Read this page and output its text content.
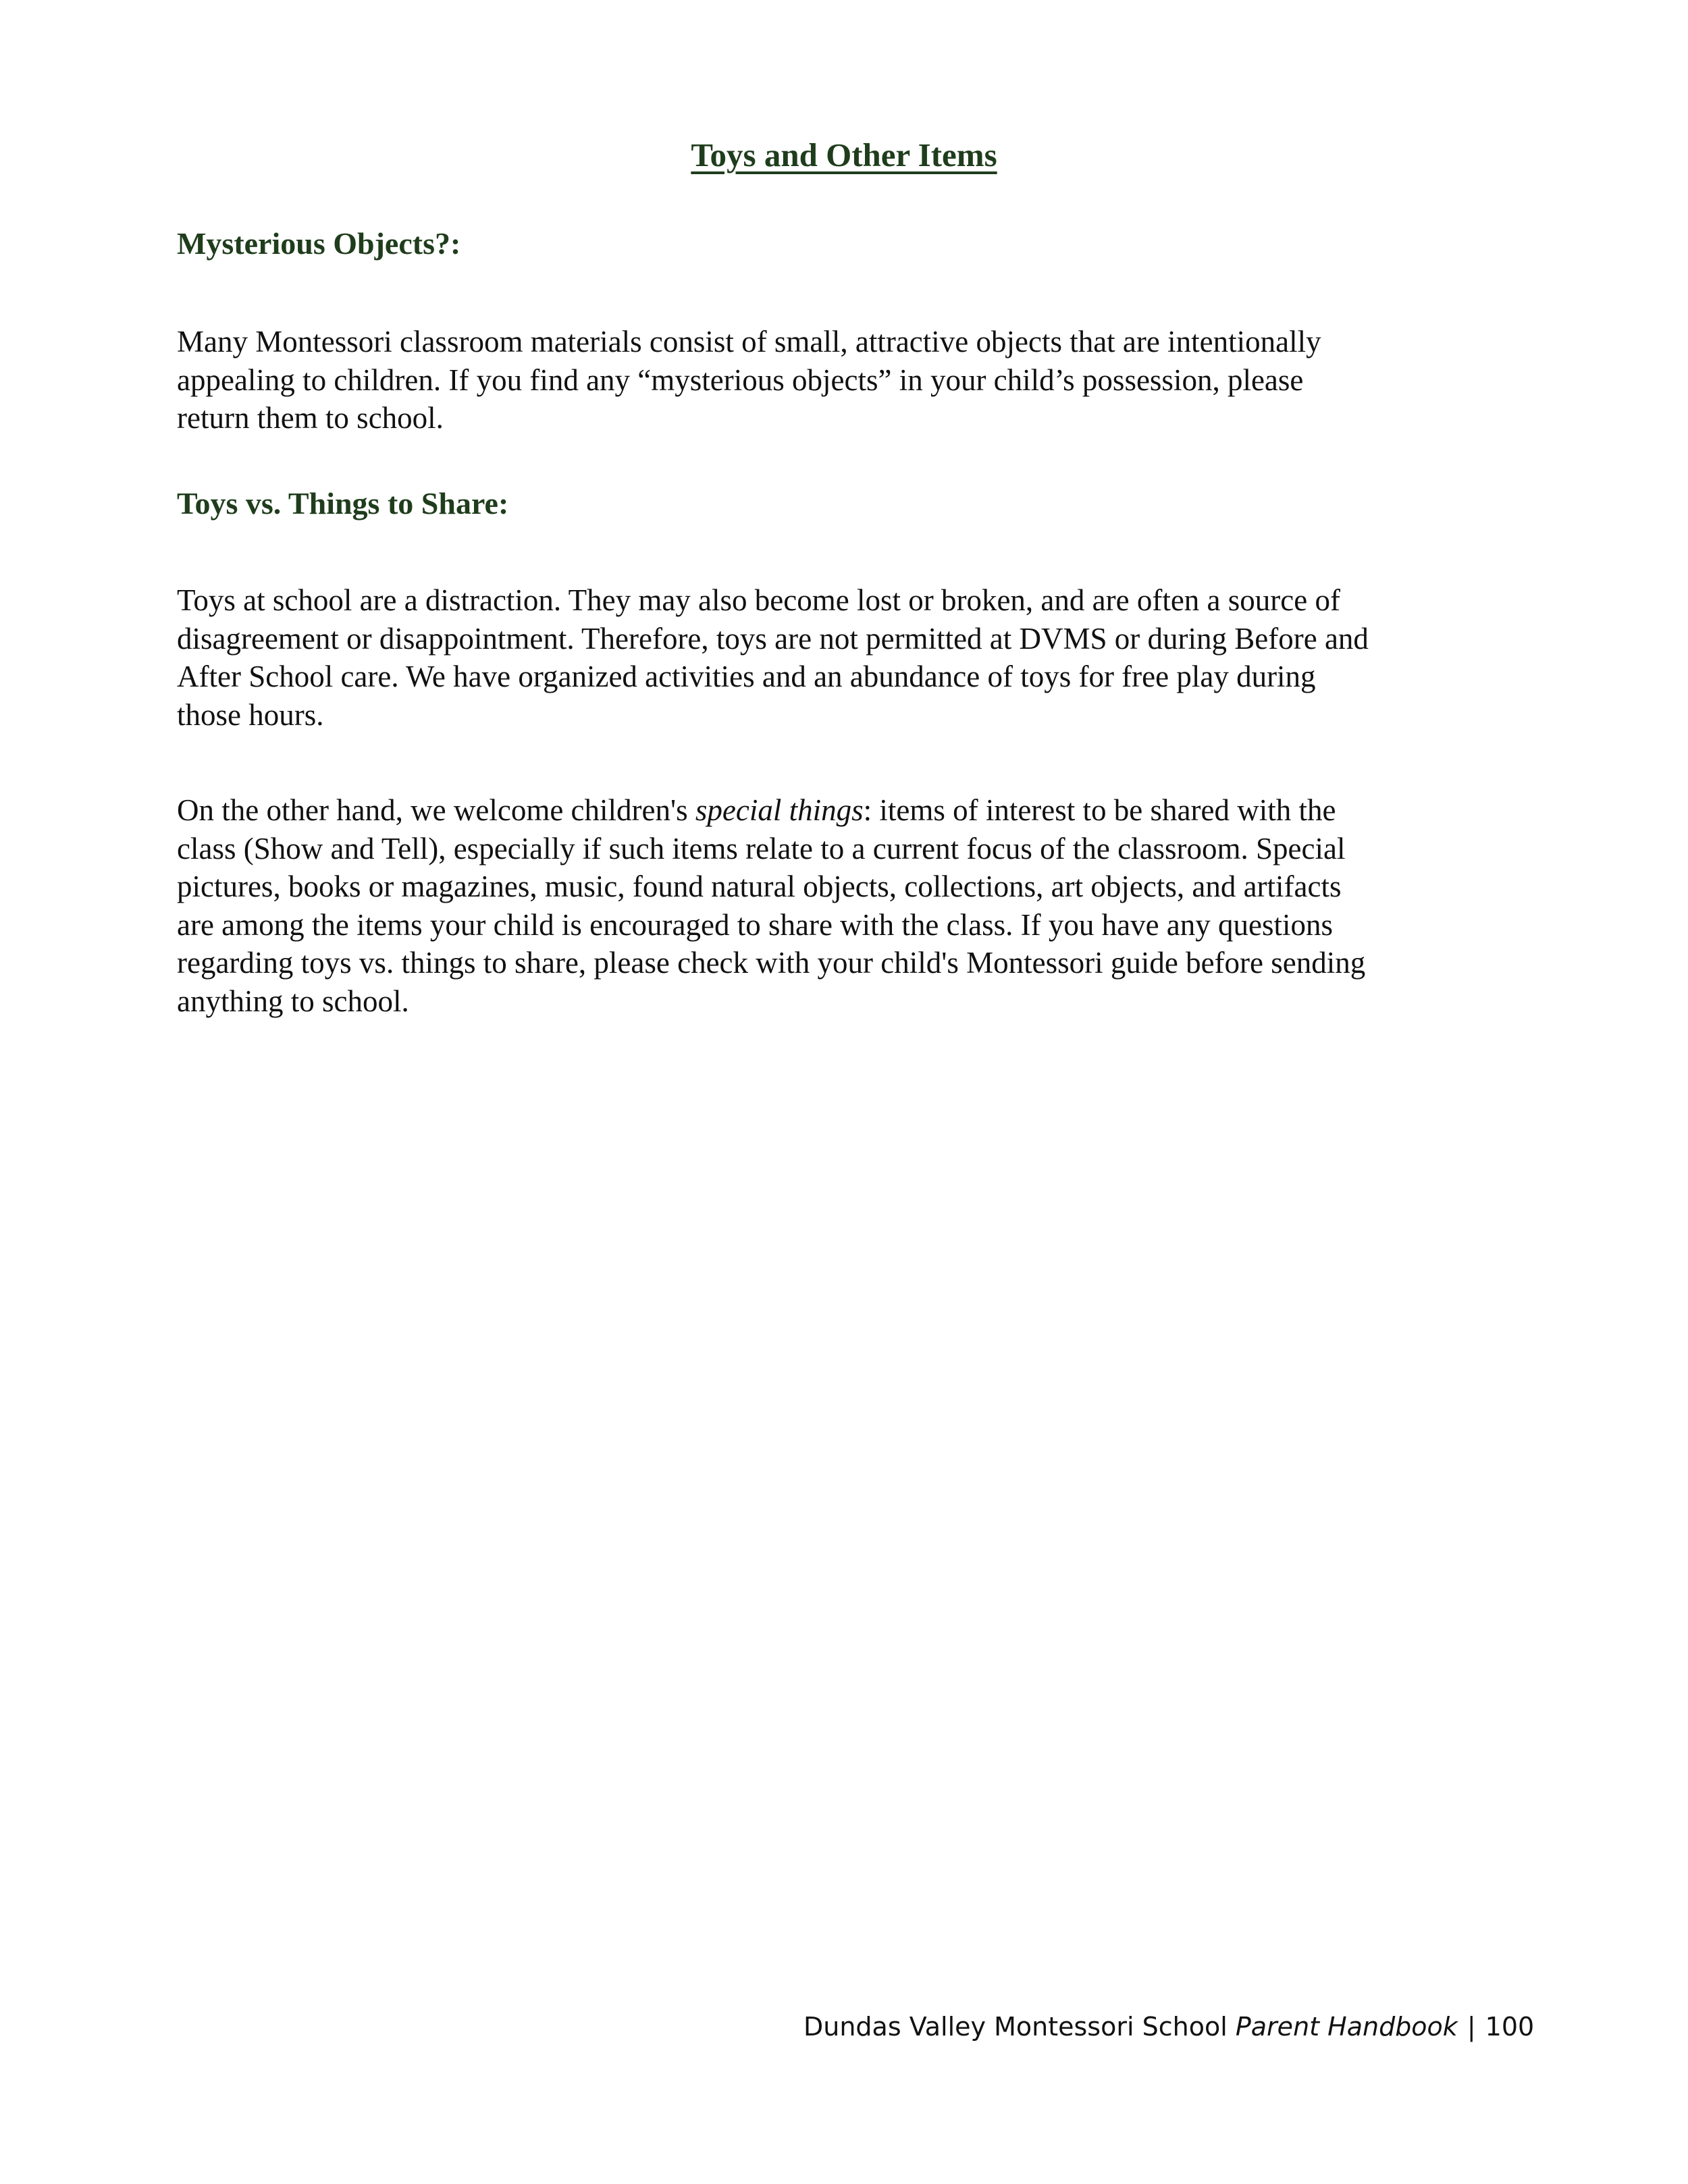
Toys and Other Items
Mysterious Objects?:

Many Montessori classroom materials consist of small, attractive objects that are intentionally
appealing to children. If you find any “mysterious objects” in your child’s possession, please
return them to school.

Toys vs. Things to Share:

Toys at school are a distraction. They may also become lost or broken, and are often a source of
disagreement or disappointment. Therefore, toys are not permitted at DVMS or during Before and
After School care. We have organized activities and an abundance of toys for free play during
those hours.

On the other hand, we welcome children's special things: items of interest to be shared with the
class (Show and Tell), especially if such items relate to a current focus of the classroom. Special
pictures, books or magazines, music, found natural objects, collections, art objects, and artifacts
are among the items your child is encouraged to share with the class. If you have any questions
regarding toys vs. things to share, please check with your child's Montessori guide before sending
anything to school.

Dundas Valley Montessori School Parent Handbook | 100
